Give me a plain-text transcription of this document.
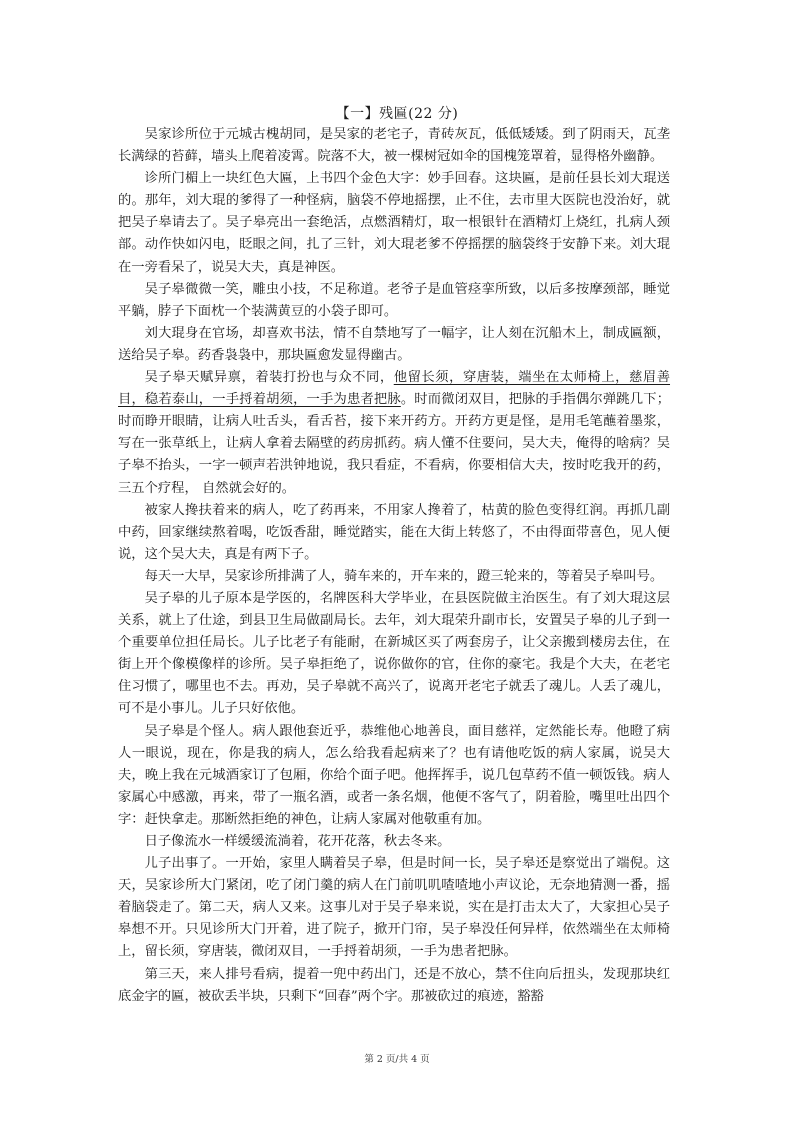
【一】残匾(22 分)

吴家诊所位于元城古槐胡同，是吴家的老宅子，青砖灰瓦，低低矮矮。到了阴雨天，瓦垄长满绿的苔藓，墙头上爬着凌霄。院落不大，被一棵树冠如伞的国槐笼罩着，显得格外幽静。

诊所门楣上一块红色大匾，上书四个金色大字：妙手回春。这块匾，是前任县长刘大琨送的。那年，刘大琨的爹得了一种怪病，脑袋不停地摇摆，止不住，去市里大医院也没治好，就把吴子皋请去了。吴子皋亮出一套绝活，点燃酒精灯，取一根银针在酒精灯上烧红，扎病人颈部。动作快如闪电，眨眼之间，扎了三针，刘大琨老爹不停摇摆的脑袋终于安静下来。刘大琨在一旁看呆了，说吴大夫，真是神医。

吴子皋微微一笑，雕虫小技，不足称道。老爷子是血管痉挛所致，以后多按摩颈部，睡觉平躺，脖子下面枕一个装满黄豆的小袋子即可。

刘大琨身在官场，却喜欢书法，情不自禁地写了一幅字，让人刻在沉船木上，制成匾额，送给吴子皋。药香袅袅中，那块匾愈发显得幽古。

吴子皋天赋异禀，着装打扮也与众不同，他留长须，穿唐装，端坐在太师椅上，慈眉善目，稳若泰山，一手捋着胡须，一手为患者把脉。时而微闭双目，把脉的手指偶尔弹跳几下； 时而睁开眼睛，让病人吐舌头，看舌苔，接下来开药方。开药方更是怪，是用毛笔蘸着墨浆，写在一张草纸上，让病人拿着去隔壁的药房抓药。病人懂不住要问，吴大夫，俺得的啥病？吴子皋不抬头，一字一顿声若洪钟地说，我只看症，不看病，你要相信大夫，按时吃我开的药，三五个疗程， 自然就会好的。

被家人搀扶着来的病人，吃了药再来，不用家人搀着了，枯黄的脸色变得红润。再抓几副中药，回家继续熬着喝，吃饭香甜，睡觉踏实，能在大街上转悠了，不由得面带喜色，见人便说，这个吴大夫，真是有两下子。

每天一大早，吴家诊所排满了人，骑车来的，开车来的，蹬三轮来的，等着吴子皋叫号。

吴子皋的儿子原本是学医的，名牌医科大学毕业，在县医院做主治医生。有了刘大琨这层关系，就上了仕途，到县卫生局做副局长。去年，刘大琨荣升副市长，安置吴子皋的儿子到一个重要单位担任局长。儿子比老子有能耐，在新城区买了两套房子，让父亲搬到楼房去住，在街上开个像模像样的诊所。吴子皋拒绝了，说你做你的官，住你的豪宅。我是个大夫，在老宅住习惯了，哪里也不去。再劝，吴子皋就不高兴了，说离开老宅子就丢了魂儿。人丢了魂儿，可不是小事儿。儿子只好依他。

吴子皋是个怪人。病人跟他套近乎，恭维他心地善良，面目慈祥，定然能长寿。他瞪了病人一眼说，现在，你是我的病人，怎么给我看起病来了？也有请他吃饭的病人家属，说吴大夫，晚上我在元城酒家订了包厢，你给个面子吧。他挥挥手，说几包草药不值一顿饭钱。病人家属心中感激，再来，带了一瓶名酒，或者一条名烟，他便不客气了，阴着脸，嘴里吐出四个字：赶快拿走。那断然拒绝的神色，让病人家属对他敬重有加。

日子像流水一样缓缓流淌着，花开花落，秋去冬来。

儿子出事了。一开始，家里人瞒着吴子皋，但是时间一长，吴子皋还是察觉出了端倪。这天，吴家诊所大门紧闭，吃了闭门羹的病人在门前叽叽喳喳地小声议论，无奈地猜测一番，摇着脑袋走了。第二天，病人又来。这事儿对于吴子皋来说，实在是打击太大了，大家担心吴子皋想不开。只见诊所大门开着，进了院子，掀开门帘，吴子皋没任何异样，依然端坐在太师椅上，留长须，穿唐装，微闭双目，一手捋着胡须，一手为患者把脉。

第三天，来人排号看病，提着一兜中药出门，还是不放心，禁不住向后扭头，发现那块红底金字的匾，被砍丢半块，只剩下“回春”两个字。那被砍过的痕迹，豁豁

第 2 页/共 4 页
